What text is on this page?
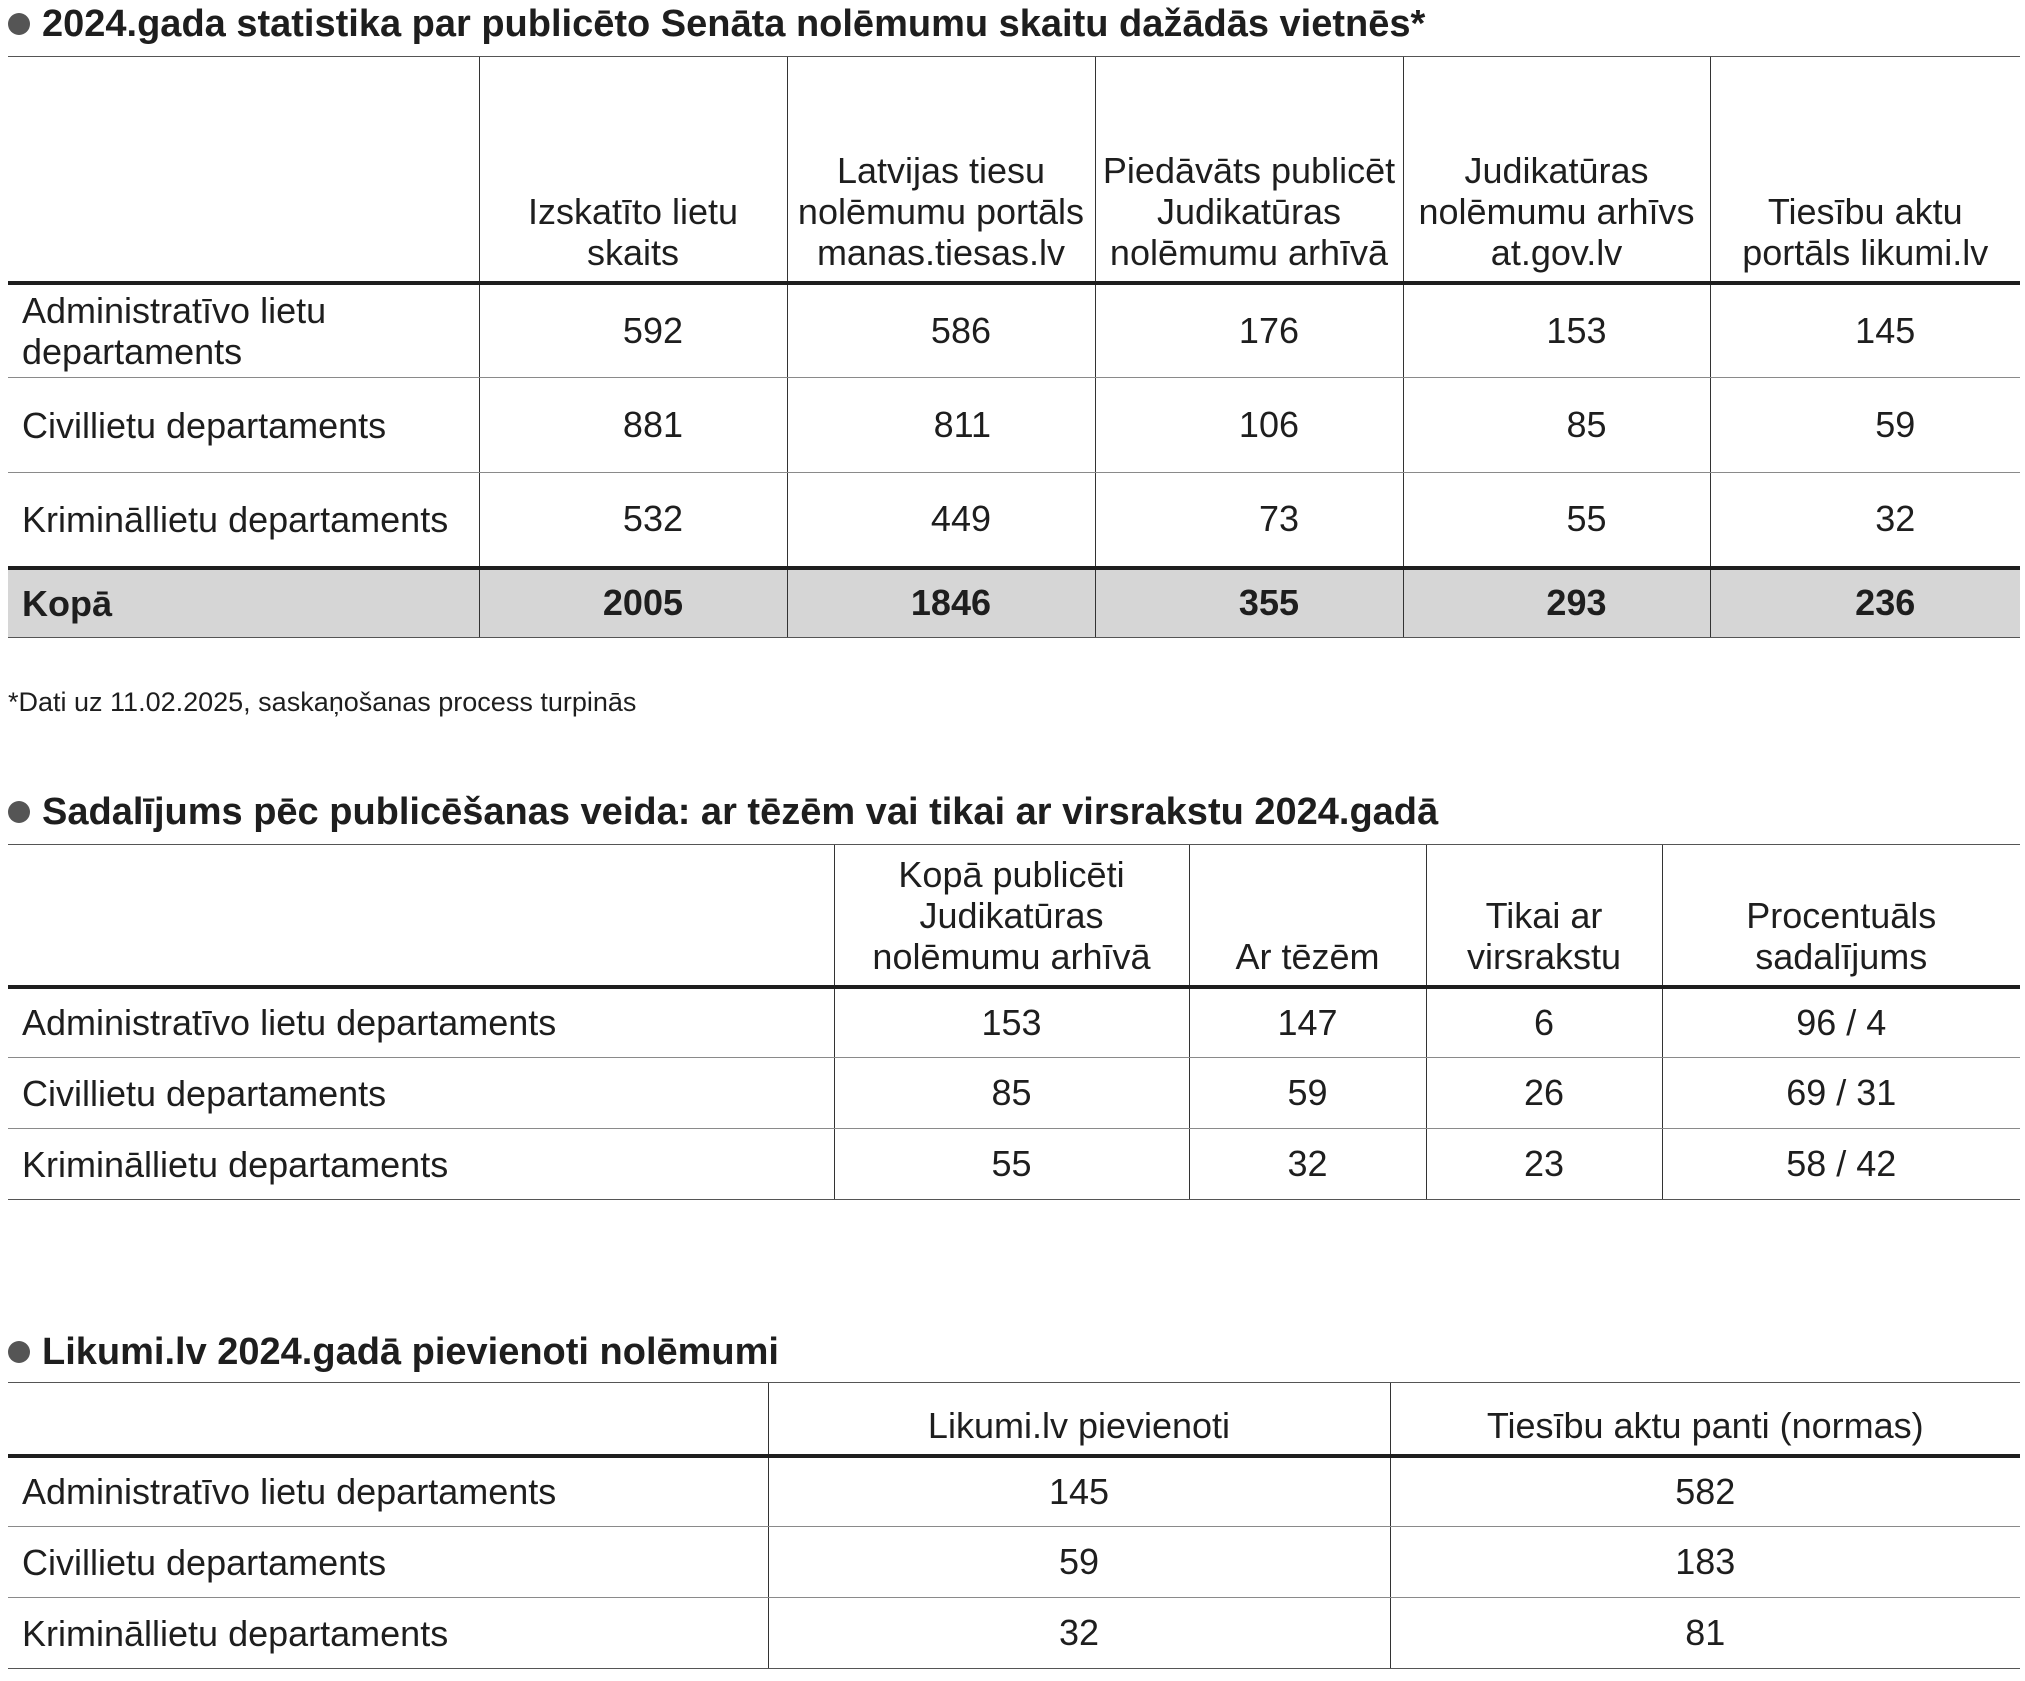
2024.gada statistika par publicēto Senāta nolēmumu skaitu dažādās vietnēs*
	Izskatīto lietu skaits	Latvijas tiesu nolēmumu portāls manas.tiesas.lv	Piedāvāts publicēt Judikatūras nolēmumu arhīvā	Judikatūras nolēmumu arhīvs at.gov.lv	Tiesību aktu portāls likumi.lv
Administratīvo lietu departaments	592	586	176	153	145
Civillietu departaments	881	811	106	85	59
Krimināllietu departaments	532	449	73	55	32
Kopā	2005	1846	355	293	236
*Dati uz 11.02.2025, saskaņošanas process turpinās
Sadalījums pēc publicēšanas veida: ar tēzēm vai tikai ar virsrakstu 2024.gadā
	Kopā publicēti Judikatūras nolēmumu arhīvā	Ar tēzēm	Tikai ar virsrakstu	Procentuāls sadalījums
Administratīvo lietu departaments	153	147	6	96 / 4
Civillietu departaments	85	59	26	69 / 31
Krimināllietu departaments	55	32	23	58 / 42
Likumi.lv 2024.gadā pievienoti nolēmumi
	Likumi.lv pievienoti	Tiesību aktu panti (normas)
Administratīvo lietu departaments	145	582
Civillietu departaments	59	183
Krimināllietu departaments	32	81
